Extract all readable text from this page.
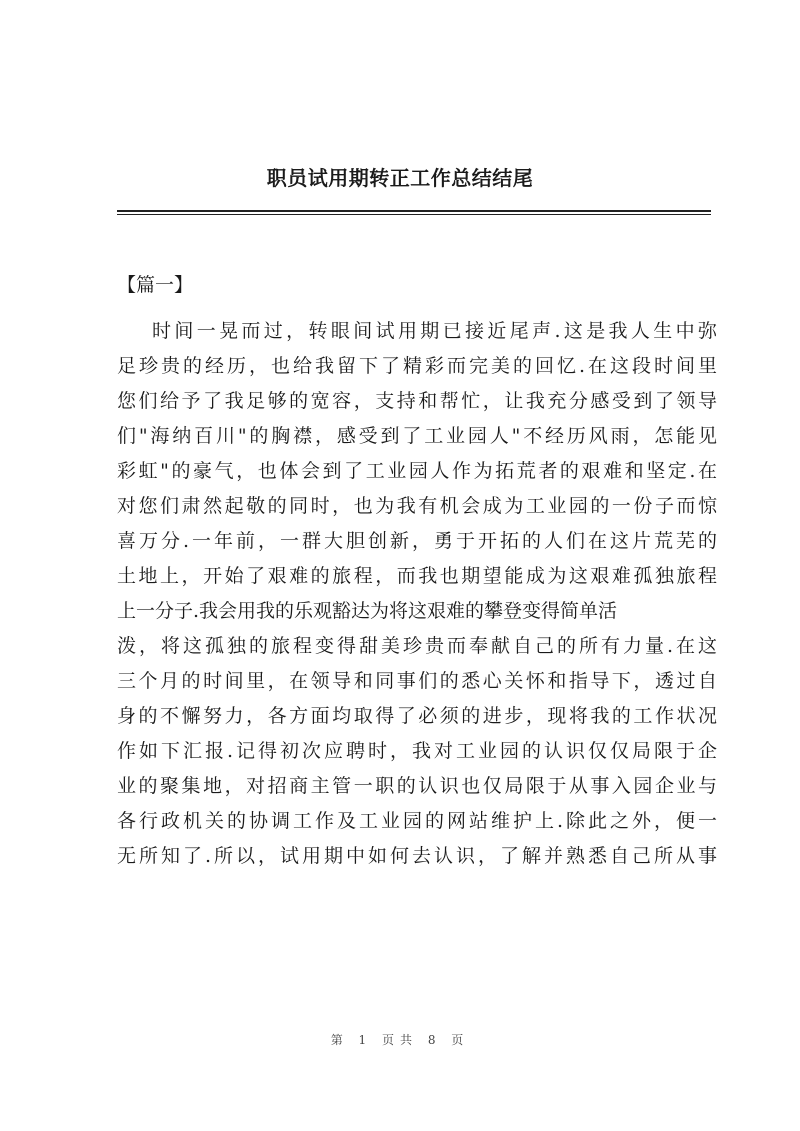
职员试用期转正工作总结结尾
【篇一】
时间一晃而过，转眼间试用期已接近尾声.这是我人生中弥
足珍贵的经历，也给我留下了精彩而完美的回忆.在这段时间里
您们给予了我足够的宽容，支持和帮忙，让我充分感受到了领导
们"海纳百川"的胸襟，感受到了工业园人"不经历风雨，怎能见
彩虹"的豪气，也体会到了工业园人作为拓荒者的艰难和坚定.在
对您们肃然起敬的同时，也为我有机会成为工业园的一份子而惊
喜万分.一年前，一群大胆创新，勇于开拓的人们在这片荒芜的
土地上，开始了艰难的旅程，而我也期望能成为这艰难孤独旅程
上一分子.我会用我的乐观豁达为将这艰难的攀登变得简单活
泼，将这孤独的旅程变得甜美珍贵而奉献自己的所有力量.在这
三个月的时间里，在领导和同事们的悉心关怀和指导下，透过自
身的不懈努力，各方面均取得了必须的进步，现将我的工作状况
作如下汇报.记得初次应聘时，我对工业园的认识仅仅局限于企
业的聚集地，对招商主管一职的认识也仅局限于从事入园企业与
各行政机关的协调工作及工业园的网站维护上.除此之外，便一
无所知了.所以，试用期中如何去认识，了解并熟悉自己所从事
第 1 页共 8 页
